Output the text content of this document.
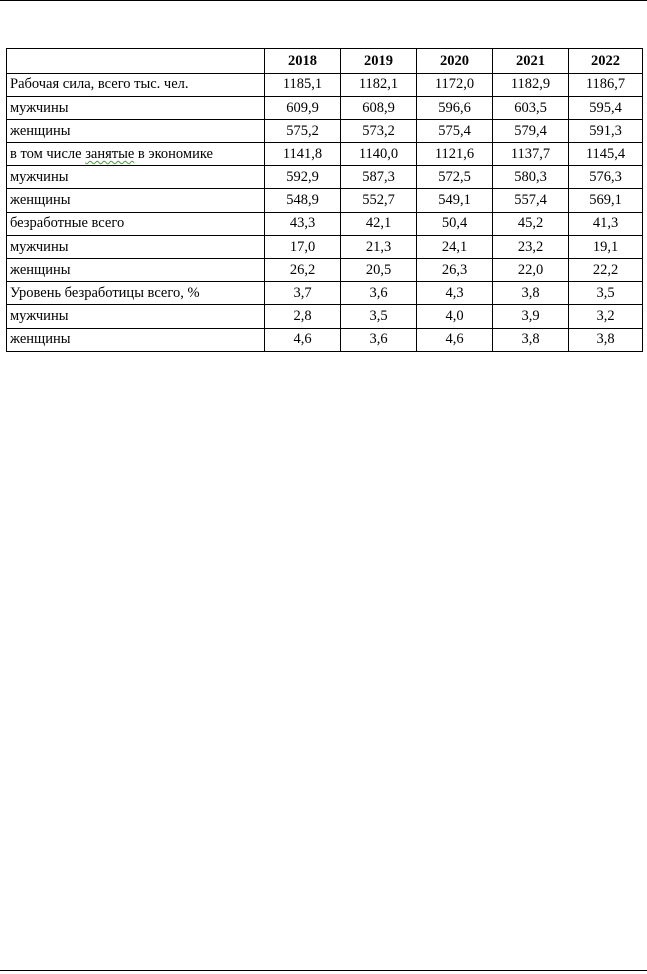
	2018	2019	2020	2021	2022
Рабочая сила, всего тыс. чел.	1185,1	1182,1	1172,0	1182,9	1186,7
мужчины	609,9	608,9	596,6	603,5	595,4
женщины	575,2	573,2	575,4	579,4	591,3
в том числе занятые в экономике	1141,8	1140,0	1121,6	1137,7	1145,4
мужчины	592,9	587,3	572,5	580,3	576,3
женщины	548,9	552,7	549,1	557,4	569,1
безработные всего	43,3	42,1	50,4	45,2	41,3
мужчины	17,0	21,3	24,1	23,2	19,1
женщины	26,2	20,5	26,3	22,0	22,2
Уровень безработицы всего, %	3,7	3,6	4,3	3,8	3,5
мужчины	2,8	3,5	4,0	3,9	3,2
женщины	4,6	3,6	4,6	3,8	3,8
